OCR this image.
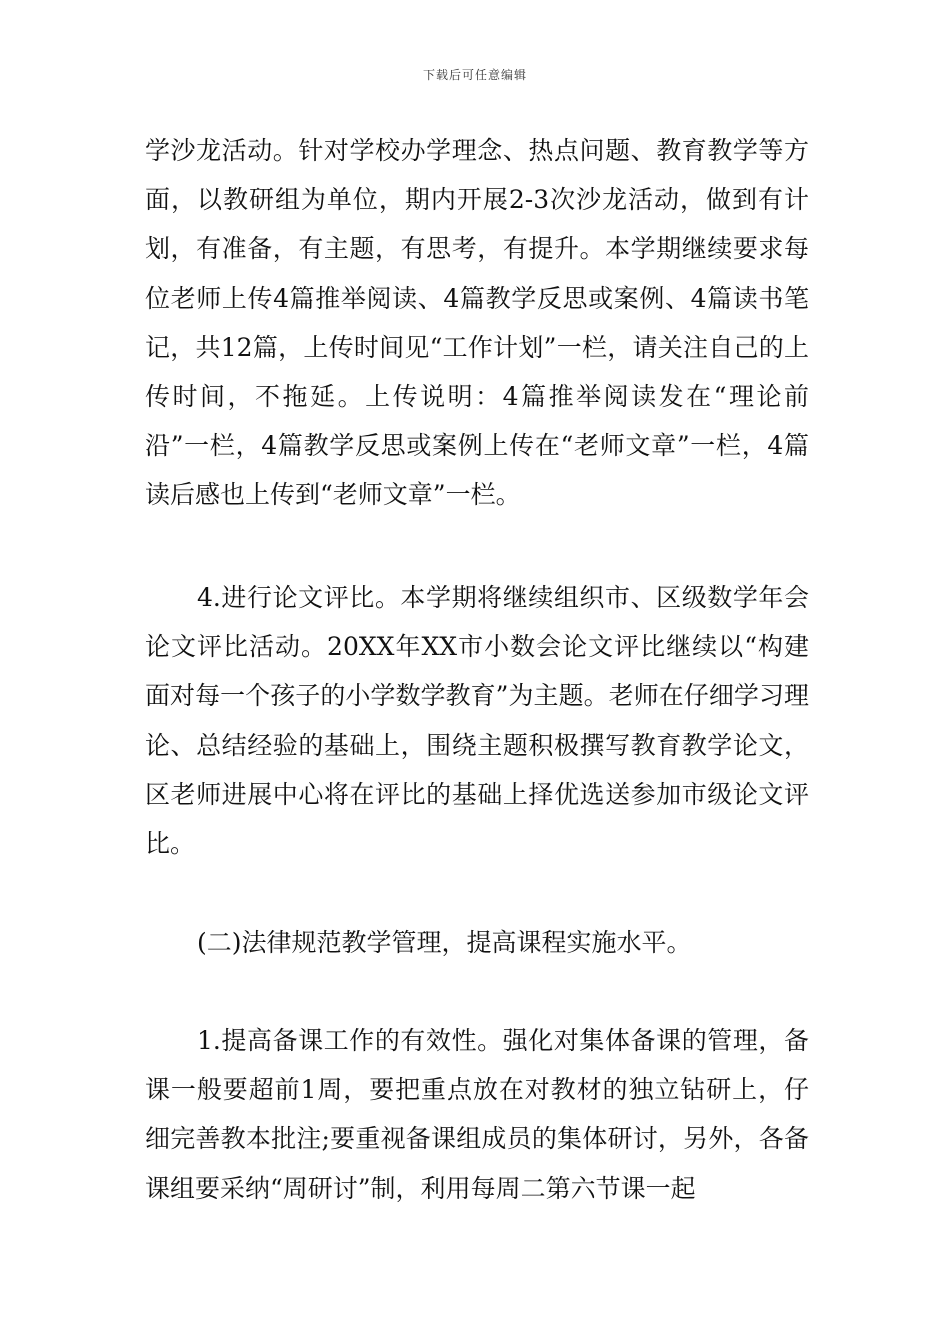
下载后可任意编辑

学沙龙活动。针对学校办学理念、热点问题、教育教学等方面，以教研组为单位，期内开展2-3次沙龙活动，做到有计划，有准备，有主题，有思考，有提升。本学期继续要求每位老师上传4篇推举阅读、4篇教学反思或案例、4篇读书笔记，共12篇，上传时间见“工作计划”一栏，请关注自己的上传时间，不拖延。上传说明：4篇推举阅读发在“理论前沿”一栏，4篇教学反思或案例上传在“老师文章”一栏，4篇读后感也上传到“老师文章”一栏。

4.进行论文评比。本学期将继续组织市、区级数学年会论文评比活动。20XX年XX市小数会论文评比继续以“构建面对每一个孩子的小学数学教育”为主题。老师在仔细学习理论、总结经验的基础上，围绕主题积极撰写教育教学论文，区老师进展中心将在评比的基础上择优选送参加市级论文评比。

(二)法律规范教学管理，提高课程实施水平。

1.提高备课工作的有效性。强化对集体备课的管理，备课一般要超前1周，要把重点放在对教材的独立钻研上，仔细完善教本批注;要重视备课组成员的集体研讨，另外，各备课组要采纳“周研讨”制，利用每周二第六节课一起
